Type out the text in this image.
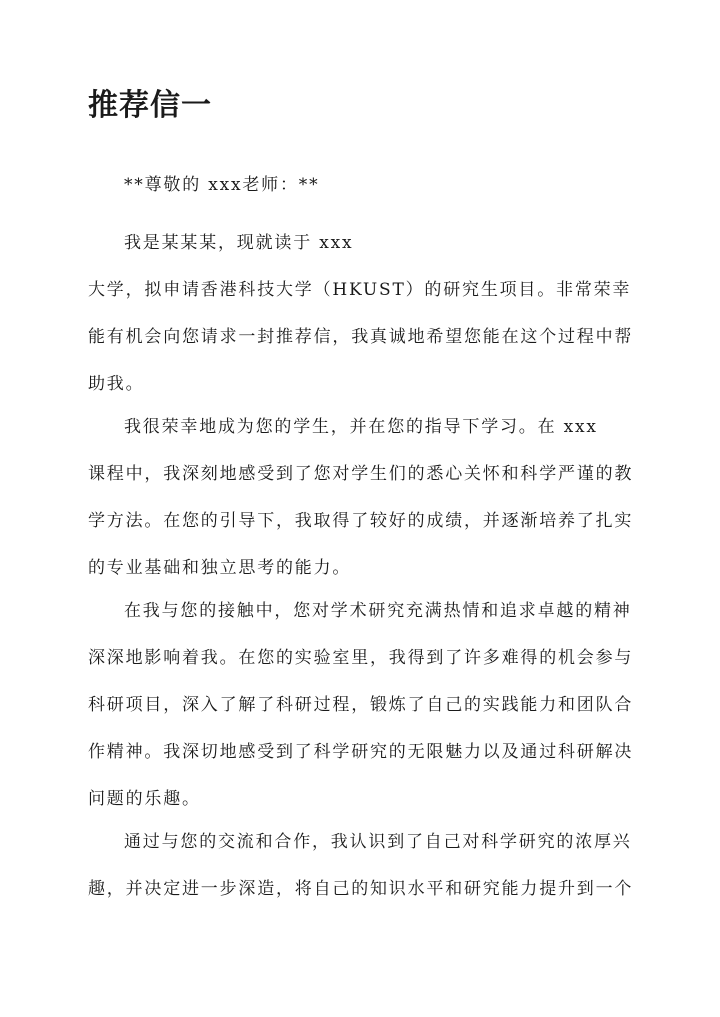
推荐信一

**尊敬的 xxx老师：**

我是某某某，现就读于 xxx
大学，拟申请香港科技大学（HKUST）的研究生项目。非常荣幸能有机会向您请求一封推荐信，我真诚地希望您能在这个过程中帮助我。

我很荣幸地成为您的学生，并在您的指导下学习。在 xxx
课程中，我深刻地感受到了您对学生们的悉心关怀和科学严谨的教学方法。在您的引导下，我取得了较好的成绩，并逐渐培养了扎实的专业基础和独立思考的能力。

在我与您的接触中，您对学术研究充满热情和追求卓越的精神深深地影响着我。在您的实验室里，我得到了许多难得的机会参与科研项目，深入了解了科研过程，锻炼了自己的实践能力和团队合作精神。我深切地感受到了科学研究的无限魅力以及通过科研解决问题的乐趣。

通过与您的交流和合作，我认识到了自己对科学研究的浓厚兴趣，并决定进一步深造，将自己的知识水平和研究能力提升到一个
